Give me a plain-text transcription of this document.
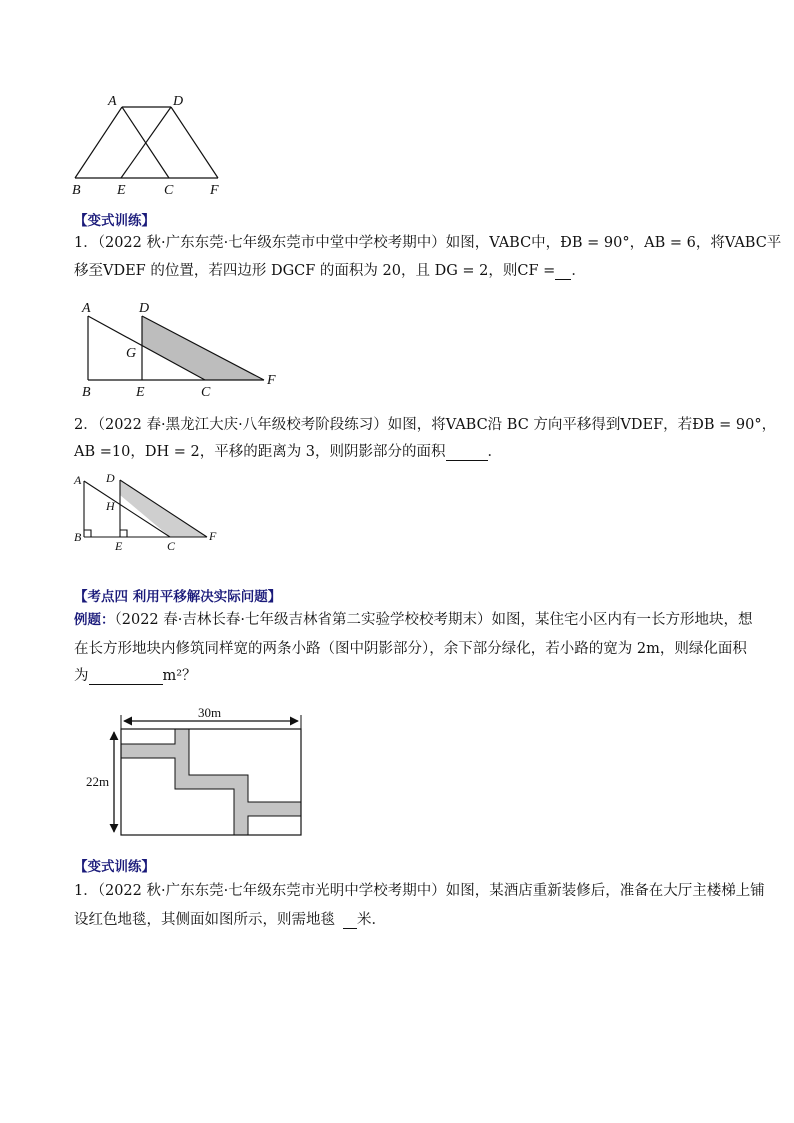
A	D
B	E	C	F
【变式训练】
1．（2022 秋·广东东莞·七年级东莞市中堂中学校考期中）如图，VABC中，ÐB = 90°，AB = 6，将VABC平
移至VDEF 的位置，若四边形 DGCF 的面积为 20，且 DG = 2，则CF = ．
A	D
G
B	E	C
F
2．（2022 春·黑龙江大庆·八年级校考阶段练习）如图，将VABC沿 BC 方向平移得到VDEF，若ÐB = 90°，
AB =10，DH = 2，平移的距离为 3，则阴影部分的面积	．
A D
H
B
E	C
F
【考点四 利用平移解决实际问题】
例题：（2022 春·吉林长春·七年级吉林省第二实验学校校考期末）如图，某住宅小区内有一长方形地块，想
在长方形地块内修筑同样宽的两条小路（图中阴影部分），余下部分绿化，若小路的宽为 2m，则绿化面积
为	m²？
30m
22m
【变式训练】
1．（2022 秋·广东东莞·七年级东莞市光明中学校考期中）如图，某酒店重新装修后，准备在大厅主楼梯上铺
设红色地毯，其侧面如图所示，则需地毯 米．
